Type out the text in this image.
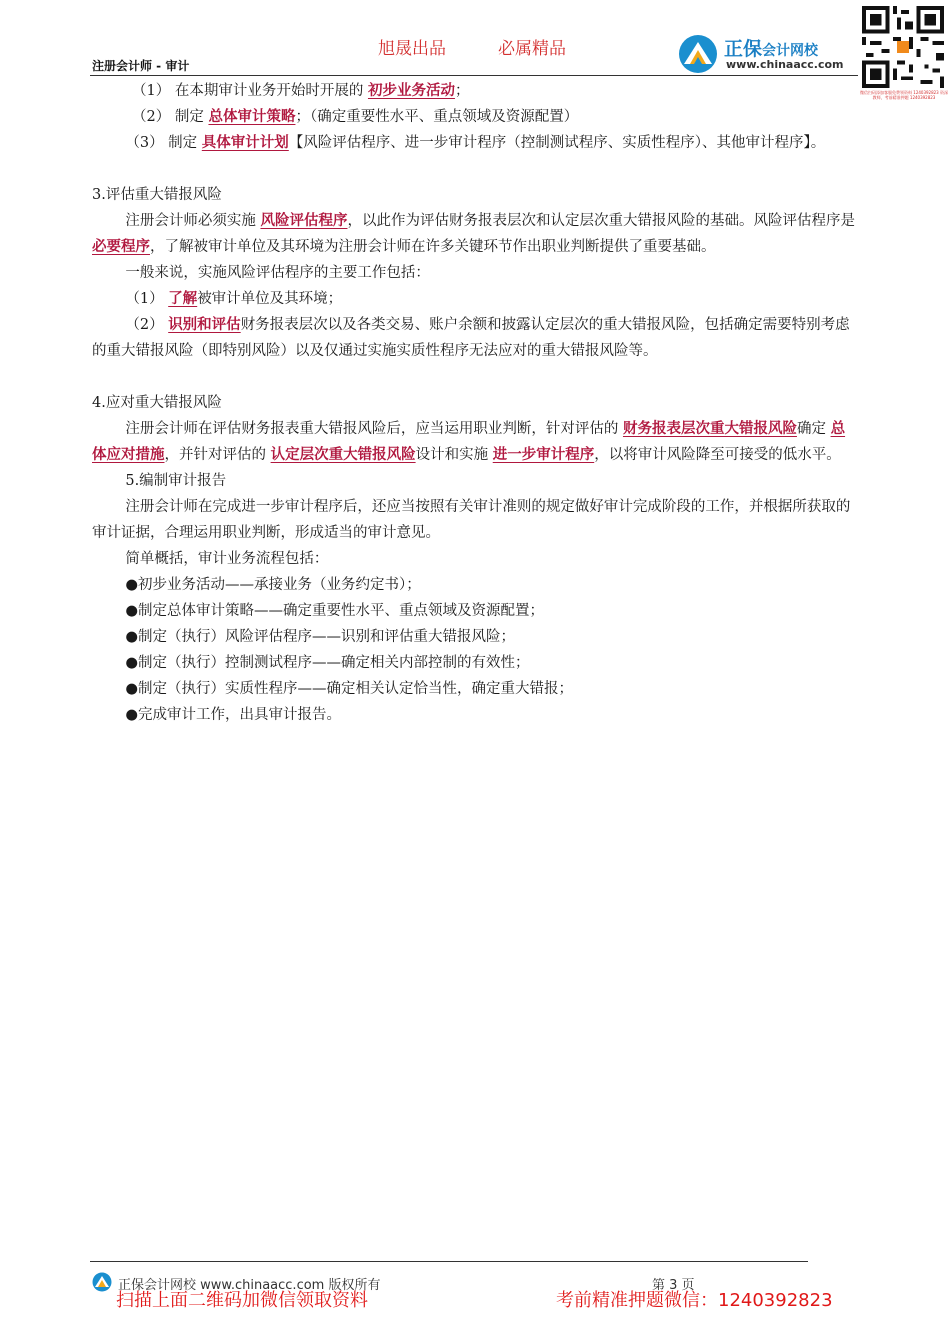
旭晟出品	必属精品	正保会计网校
www.chinaacc.com
微信扫码添加客服免费领资料 1240392823 资深教师，考前精准押题 1240392823
注册会计师 - 审计

（1） 在本期审计业务开始时开展的 初步业务活动；

（2） 制定 总体审计策略；（确定重要性水平、重点领域及资源配置）

（3） 制定 具体审计计划【风险评估程序、进一步审计程序（控制测试程序、实质性程序）、其他审计程序】。

3.评估重大错报风险

注册会计师必须实施 风险评估程序，以此作为评估财务报表层次和认定层次重大错报风险的基础。风险评估程序是 必要程序，了解被审计单位及其环境为注册会计师在许多关键环节作出职业判断提供了重要基础。

一般来说，实施风险评估程序的主要工作包括：

（1） 了解被审计单位及其环境；

（2） 识别和评估财务报表层次以及各类交易、账户余额和披露认定层次的重大错报风险，包括确定需要特别考虑的重大错报风险（即特别风险）以及仅通过实施实质性程序无法应对的重大错报风险等。

4.应对重大错报风险

注册会计师在评估财务报表重大错报风险后，应当运用职业判断，针对评估的 财务报表层次重大错报风险确定 总体应对措施，并针对评估的 认定层次重大错报风险设计和实施 进一步审计程序，以将审计风险降至可接受的低水平。

5.编制审计报告

注册会计师在完成进一步审计程序后，还应当按照有关审计准则的规定做好审计完成阶段的工作，并根据所获取的审计证据，合理运用职业判断，形成适当的审计意见。

简单概括，审计业务流程包括：

●初步业务活动——承接业务（业务约定书）；

●制定总体审计策略——确定重要性水平、重点领域及资源配置；

●制定（执行）风险评估程序——识别和评估重大错报风险；

●制定（执行）控制测试程序——确定相关内部控制的有效性；

●制定（执行）实质性程序——确定相关认定恰当性，确定重大错报；

●完成审计工作，出具审计报告。

正保会计网校 www.chinaacc.com 版权所有	第 3 页
扫描上面二维码加微信领取资料	考前精准押题微信：1240392823
